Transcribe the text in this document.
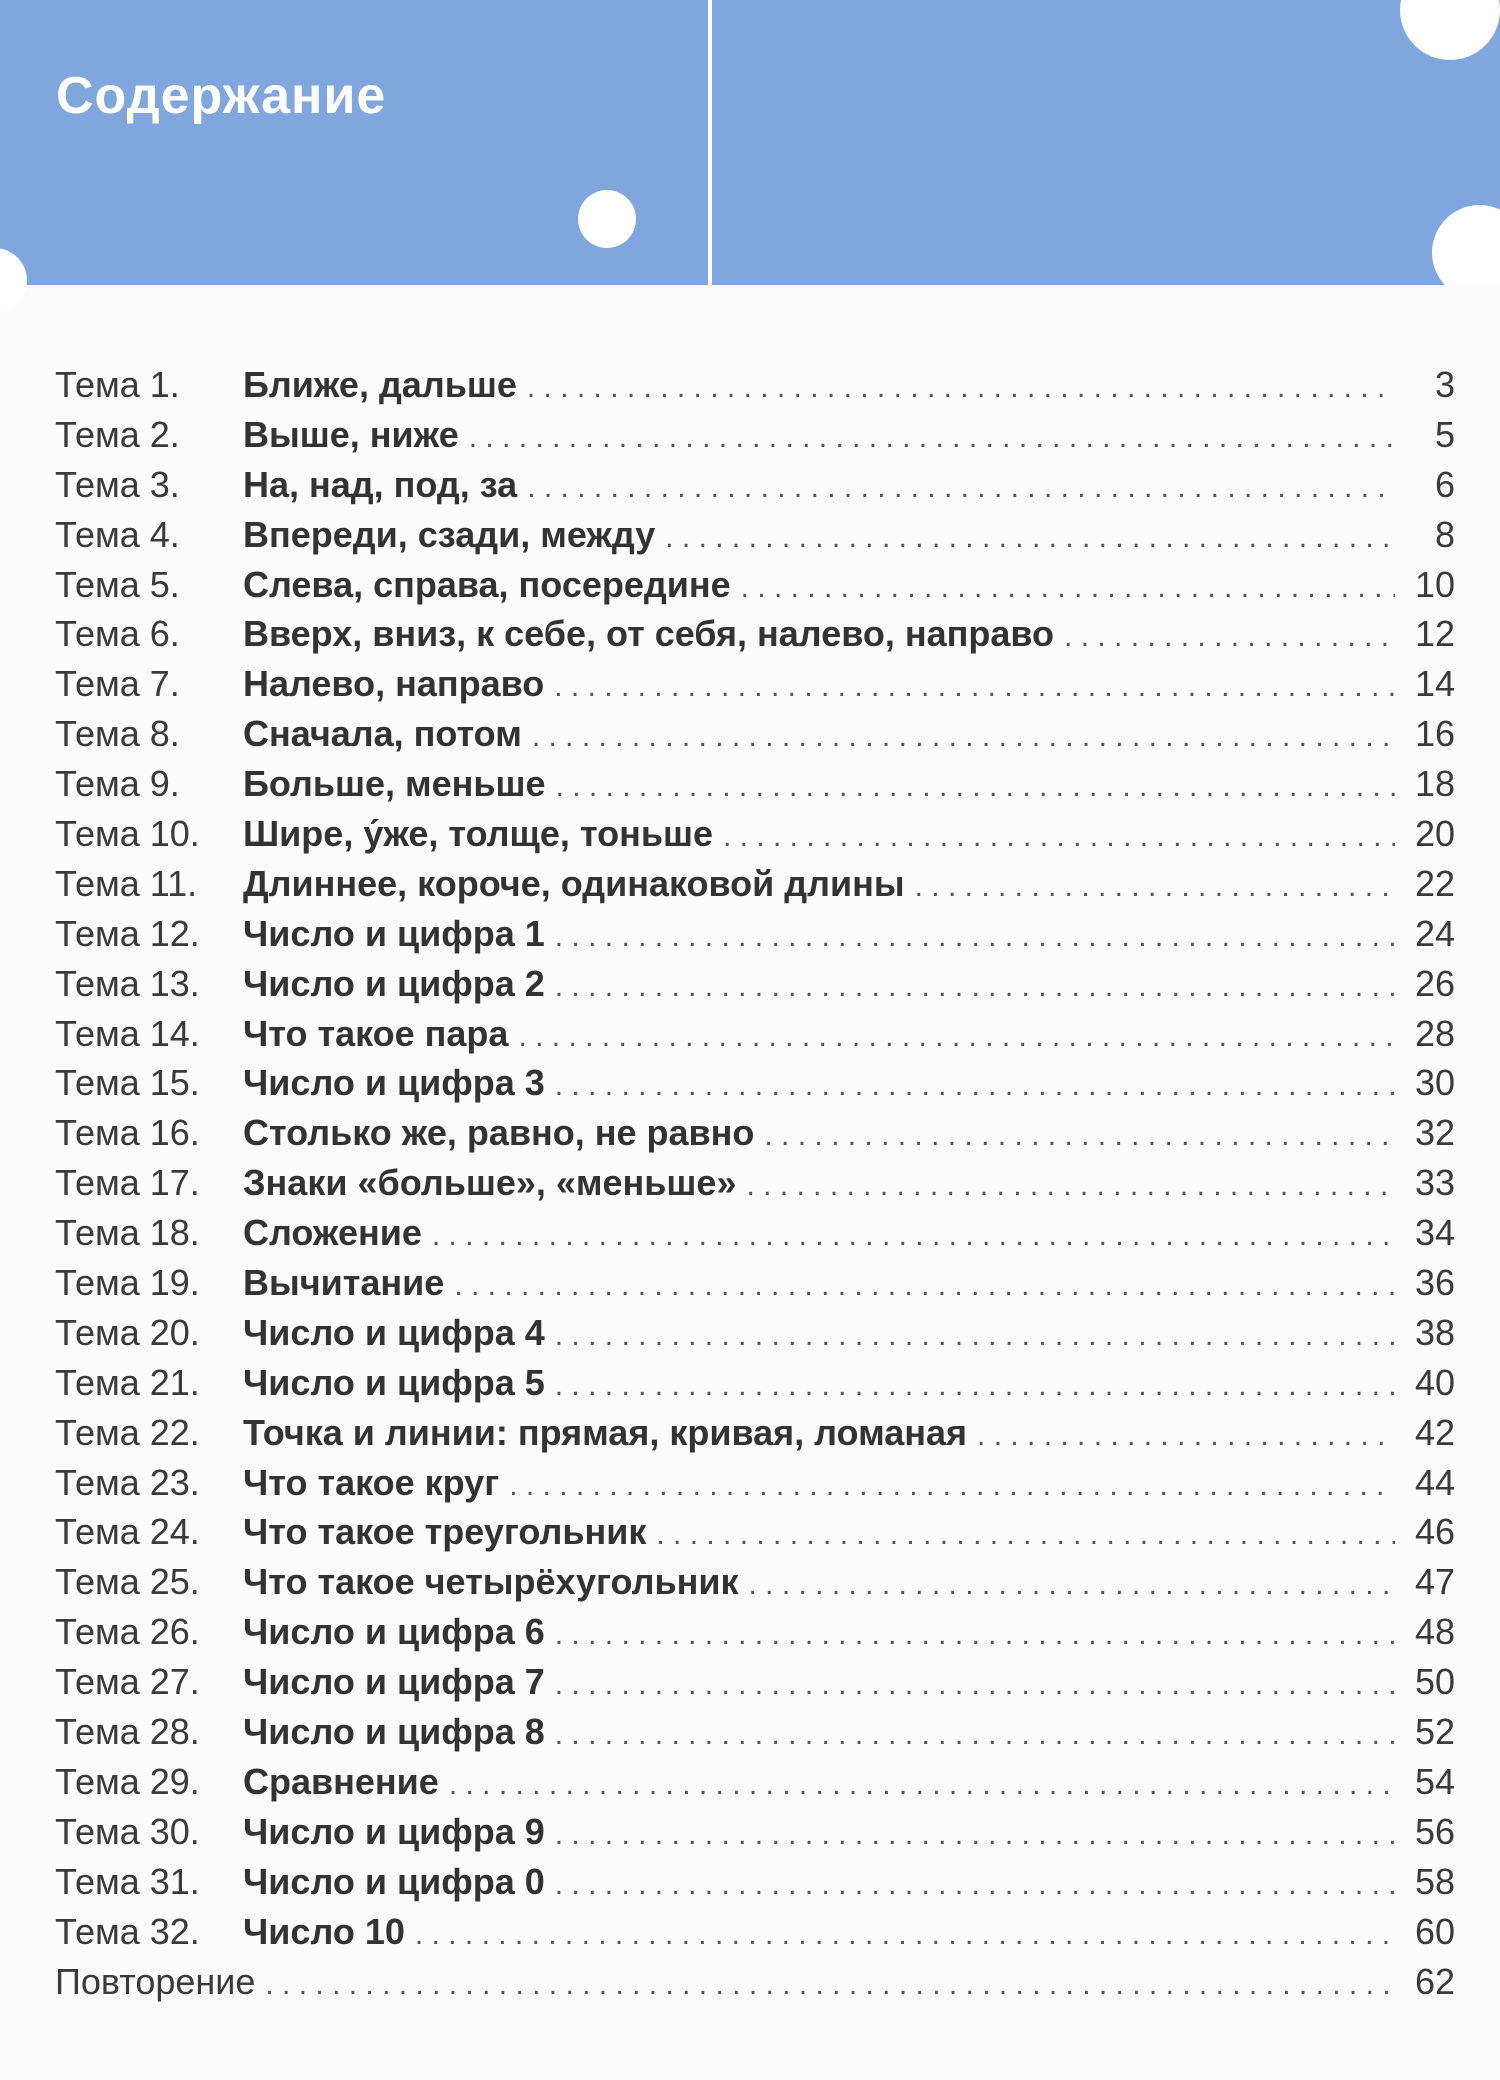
Содержание
Тема 1.	Ближе, дальше . . .	3
Тема 2.	Выше, ниже . . .	5
Тема 3.	На, над, под, за . . .	6
Тема 4.	Впереди, сзади, между . . .	8
Тема 5.	Слева, справа, посередине . . .	10
Тема 6.	Вверх, вниз, к себе, от себя, налево, направо . . .	12
Тема 7.	Налево, направо . . .	14
Тема 8.	Сначала, потом . . .	16
Тема 9.	Больше, меньше . . .	18
Тема 10.	Шире, у́же, толще, тоньше . . .	20
Тема 11.	Длиннее, короче, одинаковой длины . . .	22
Тема 12.	Число и цифра 1 . . .	24
Тема 13.	Число и цифра 2 . . .	26
Тема 14.	Что такое пара . . .	28
Тема 15.	Число и цифра 3 . . .	30
Тема 16.	Столько же, равно, не равно . . .	32
Тема 17.	Знаки «больше», «меньше» . . .	33
Тема 18.	Сложение . . .	34
Тема 19.	Вычитание . . .	36
Тема 20.	Число и цифра 4 . . .	38
Тема 21.	Число и цифра 5 . . .	40
Тема 22.	Точка и линии: прямая, кривая, ломаная . . .	42
Тема 23.	Что такое круг . . .	44
Тема 24.	Что такое треугольник . . .	46
Тема 25.	Что такое четырёхугольник . . .	47
Тема 26.	Число и цифра 6 . . .	48
Тема 27.	Число и цифра 7 . . .	50
Тема 28.	Число и цифра 8 . . .	52
Тема 29.	Сравнение . . .	54
Тема 30.	Число и цифра 9 . . .	56
Тема 31.	Число и цифра 0 . . .	58
Тема 32.	Число 10 . . .	60
Повторение . . .	62
